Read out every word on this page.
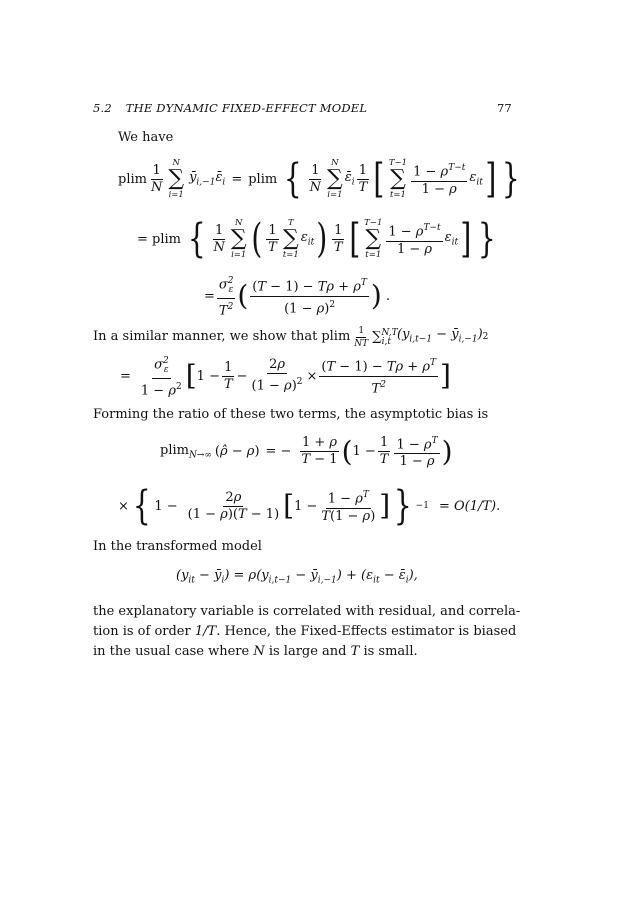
5.2 THE DYNAMIC FIXED-EFFECT MODEL	77
We have
plim $\frac{1}{N}$
N
∑
i=1
$ȳ_{i,-1}\varepsilon̄_i = plim$ { $\frac{1}{N}$
N
∑
i=1
$\varepsilon̄_i \frac{1}{T}$ [ T−1
∑
$t=1 \frac{1 - \rho^{T-t}}{1 - \rho} \varepsilon_{it}$ ] }
= plim { $\frac{1}{N}$
N
∑
i=1 ( $\frac{1}{T}$
T
∑
t=1
$\varepsilon_{it}$ ) $\frac{1}{T}$ [ T−1
∑
$t=1 \frac{1 - \rho^{T-t}}{1 - \rho} \varepsilon_{it}$ ] }
= $\frac{\sigma^2_\varepsilon}{T^2}$ ( $\frac{(T - 1) - T\rho + \rho^T}{(1 - \rho)^2}$ ) .
In a similar manner, we show that plim $\frac{1}{NT} \sum^{N,T}_{i,t}$ ($y_{i,t-1}$ − $ȳ_{i,-1}$) 2
= $\frac{\sigma^2_\varepsilon}{1 - \rho^2}$ [ $1 - \frac{1}{T} - \frac{2\rho}{(1 - \rho)^2} \times \frac{(T - 1) - T\rho + \rho^T}{T^2}$ ]
Forming the ratio of these two terms, the asymptotic bias is
plim$_{N\to\infty}$ (ρ̂ − ρ) = − $\frac{1 + \rho}{T - 1}$ ( $1 - \frac{1}{T} \frac{1 - \rho^T}{1 - \rho}$ )
× { $1 - \frac{2\rho}{(1 - \rho)(T - 1)}$ [ $1 - \frac{1 - \rho^T}{T(1 - \rho)}$ ] } −1 = O(1/T).
In the transformed model
($y_{it}$ − $ȳ_i) = \rho(y_{i,t-1}$ − $ȳ_{i,-1}) + (\varepsilon_{it}$ − $\varepsilon̄_i$),
the explanatory variable is correlated with residual, and correla-
tion is of order 1/T. Hence, the Fixed-Effects estimator is biased
in the usual case where N is large and T is small.
